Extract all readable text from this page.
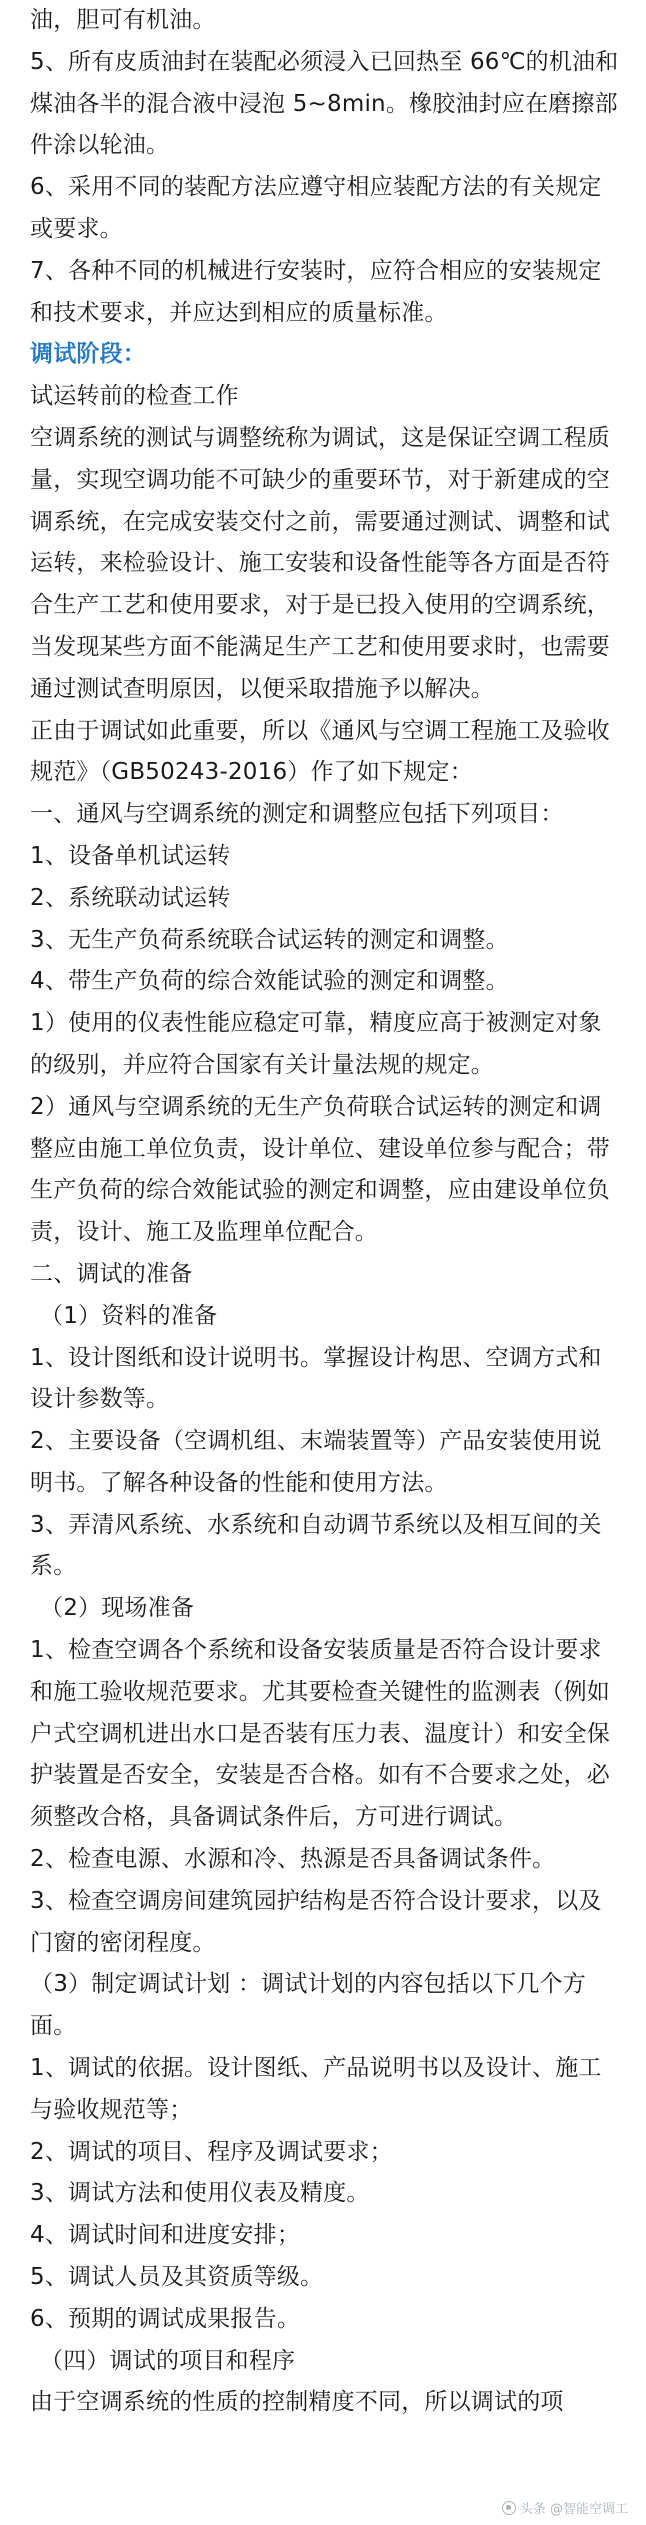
油，胆可有机油。

5、所有皮质油封在装配必须浸入已回热至 66℃的机油和煤油各半的混合液中浸泡 5~8min。橡胶油封应在磨擦部件涂以轮油。

6、采用不同的装配方法应遵守相应装配方法的有关规定或要求。

7、各种不同的机械进行安装时，应符合相应的安装规定和技术要求，并应达到相应的质量标准。

调试阶段：

试运转前的检查工作

空调系统的测试与调整统称为调试，这是保证空调工程质量，实现空调功能不可缺少的重要环节，对于新建成的空调系统，在完成安装交付之前，需要通过测试、调整和试运转，来检验设计、施工安装和设备性能等各方面是否符合生产工艺和使用要求，对于是已投入使用的空调系统，当发现某些方面不能满足生产工艺和使用要求时，也需要通过测试查明原因，以便采取措施予以解决。

正由于调试如此重要，所以《通风与空调工程施工及验收规范》（GB50243-2016）作了如下规定：

一、通风与空调系统的测定和调整应包括下列项目：

1、设备单机试运转

2、系统联动试运转

3、无生产负荷系统联合试运转的测定和调整。

4、带生产负荷的综合效能试验的测定和调整。

1）使用的仪表性能应稳定可靠，精度应高于被测定对象的级别，并应符合国家有关计量法规的规定。

2）通风与空调系统的无生产负荷联合试运转的测定和调整应由施工单位负责，设计单位、建设单位参与配合；带生产负荷的综合效能试验的测定和调整，应由建设单位负责，设计、施工及监理单位配合。

二、调试的准备

（1）资料的准备

1、设计图纸和设计说明书。掌握设计构思、空调方式和设计参数等。

2、主要设备（空调机组、末端装置等）产品安装使用说明书。了解各种设备的性能和使用方法。

3、弄清风系统、水系统和自动调节系统以及相互间的关系。

（2）现场准备

1、检查空调各个系统和设备安装质量是否符合设计要求和施工验收规范要求。尤其要检查关键性的监测表（例如户式空调机进出水口是否装有压力表、温度计）和安全保护装置是否安全，安装是否合格。如有不合要求之处，必须整改合格，具备调试条件后，方可进行调试。

2、检查电源、水源和冷、热源是否具备调试条件。

3、检查空调房间建筑园护结构是否符合设计要求，以及门窗的密闭程度。

（3）制定调试计划 ：调试计划的内容包括以下几个方面。

1、调试的依据。设计图纸、产品说明书以及设计、施工与验收规范等；

2、调试的项目、程序及调试要求；

3、调试方法和使用仪表及精度。

4、调试时间和进度安排；

5、调试人员及其资质等级。

6、预期的调试成果报告。

（四）调试的项目和程序

由于空调系统的性质的控制精度不同，所以调试的项

头条 @智能空调工
